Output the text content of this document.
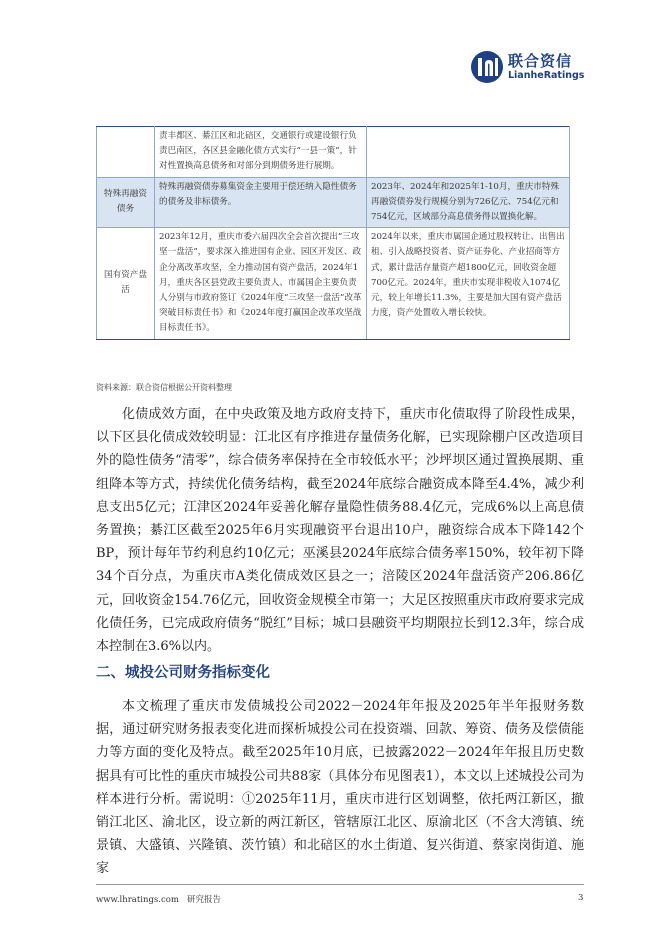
联合资信
LianheRatings
	责丰都区、綦江区和北碚区，交通银行或建设银行负责巴南区，各区县金融化债方式实行“一县一策”，针对性置换高息债务和对部分到期债务进行展期。	
特殊再融资债务	特殊再融资债券募集资金主要用于偿还纳入隐性债务的债务及非标债务。	2023年、2024年和2025年1-10月，重庆市特殊再融资债券发行规模分别为726亿元、754亿元和754亿元，区域部分高息债务得以置换化解。
国有资产盘活	2023年12月，重庆市委六届四次全会首次提出“三攻坚一盘活”，要求深入推进国有企业、园区开发区、政企分离改革攻坚，全力推动国有资产盘活，2024年1月，重庆各区县党政主要负责人、市属国企主要负责人分别与市政府签订《2024年度“三攻坚一盘活”改革突破目标责任书》和《2024年度打赢国企改革攻坚战目标责任书》。	2024年以来，重庆市属国企通过股权转让、出售出租、引入战略投资者、资产证券化、产业招商等方式，累计盘活存量资产超1800亿元，回收资金超700亿元。2024年，重庆市实现非税收入1074亿元，较上年增长11.3%，主要是加大国有资产盘活力度，资产处置收入增长较快。
资料来源：联合资信根据公开资料整理

化债成效方面，在中央政策及地方政府支持下，重庆市化债取得了阶段性成果，以下区县化债成效较明显：江北区有序推进存量债务化解，已实现除棚户区改造项目外的隐性债务“清零”，综合债务率保持在全市较低水平；沙坪坝区通过置换展期、重组降本等方式，持续优化债务结构，截至2024年底综合融资成本降至4.4%，减少利息支出5亿元；江津区2024年妥善化解存量隐性债务88.4亿元，完成6%以上高息债务置换；綦江区截至2025年6月实现融资平台退出10户，融资综合成本下降142个BP，预计每年节约利息约10亿元；巫溪县2024年底综合债务率150%，较年初下降34个百分点，为重庆市A类化债成效区县之一；涪陵区2024年盘活资产206.86亿元，回收资金154.76亿元，回收资金规模全市第一；大足区按照重庆市政府要求完成化债任务，已完成政府债务“脱红”目标；城口县融资平均期限拉长到12.3年，综合成本控制在3.6%以内。

二、城投公司财务指标变化

本文梳理了重庆市发债城投公司2022－2024年年报及2025年半年报财务数据，通过研究财务报表变化进而探析城投公司在投资端、回款、筹资、债务及偿债能力等方面的变化及特点。截至2025年10月底，已披露2022－2024年年报且历史数据具有可比性的重庆市城投公司共88家（具体分布见图表1），本文以上述城投公司为样本进行分析。需说明：①2025年11月，重庆市进行区划调整，依托两江新区，撤销江北区、渝北区，设立新的两江新区，管辖原江北区、原渝北区（不含大湾镇、统景镇、大盛镇、兴隆镇、茨竹镇）和北碚区的水土街道、复兴街道、蔡家岗街道、施家

www.lhratings.com 研究报告	3
